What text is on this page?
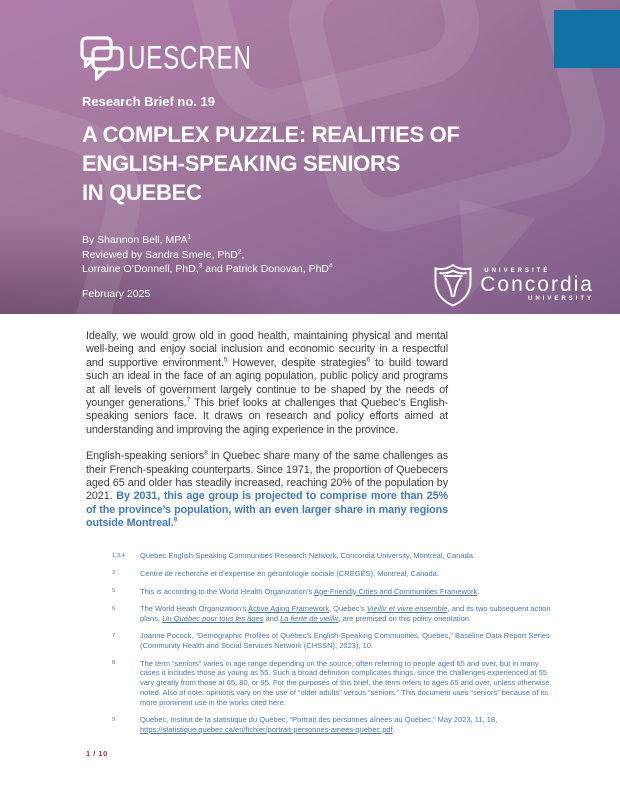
UESCREN
Research Brief no. 19
A COMPLEX PUZZLE: REALITIES OF
ENGLISH-SPEAKING SENIORS
IN QUEBEC
By Shannon Bell, MPA$^1$
Reviewed by Sandra Smele, PhD$^2$,
Lorraine O’Donnell, PhD,$^3$ and Patrick Donovan, PhD$^4$
February 2025
UNIVERSITÉ
Concordia
UNIVERSITY

Ideally, we would grow old in good health, maintaining physical and mental well-being and enjoy social inclusion and economic security in a respectful and supportive environment.$^5$ However, despite strategies$^6$ to build toward such an ideal in the face of an aging population, public policy and programs at all levels of government largely continue to be shaped by the needs of younger generations.$^7$ This brief looks at challenges that Quebec’s English-speaking seniors face. It draws on research and policy efforts aimed at understanding and improving the aging experience in the province.

English-speaking seniors$^8$ in Quebec share many of the same challenges as their French-speaking counterparts. Since 1971, the proportion of Quebecers aged 65 and older has steadily increased, reaching 20% of the population by 2021. By 2031, this age group is projected to comprise more than 25% of the province’s population, with an even larger share in many regions outside Montreal.$^9$

1,3,4	Quebec English-Speaking Communities Research Network, Concordia University, Montreal, Canada.
2	Centre de recherche et d’expertise en gérontologie sociale (CREGÉS), Montreal, Canada.
5	This is according to the World Health Organization’s Age-Friendly Cities and Communities Framework.
6	The World Heath Organization’s Active Aging Framework, Quebec’s Vieillir et vivre ensemble, and its two subsequent action plans, Un Québec pour tous les âges and La fierté de vieillir, are premised on this policy orientation.
7	Joanne Pocock, “Demographic Profiles of Québec’s English-Speaking Communities, Quebec,” Baseline Data Report Series (Community Health and Social Services Network (CHSSN), 2023), 10.
8	The term “seniors” varies in age range depending on the source, often referring to people aged 65 and over, but in many cases it includes those as young as 55. Such a broad definition complicates things, since the challenges experienced at 55 vary greatly from those at 65, 80, or 95. For the purposes of this brief, the term refers to ages 65 and over, unless otherwise noted. Also of note: opinions vary on the use of “older adults” versus “seniors.” This document uses “seniors” because of its more prominent use in the works cited here.
9	Quebec, Institut de la statistique du Québec, “Portrait des personnes aînées au Québec,” May 2023, 11, 18, https://statistique.quebec.ca/en/fichier/portrait-personnes-ainees-quebec.pdf.
1 / 10
